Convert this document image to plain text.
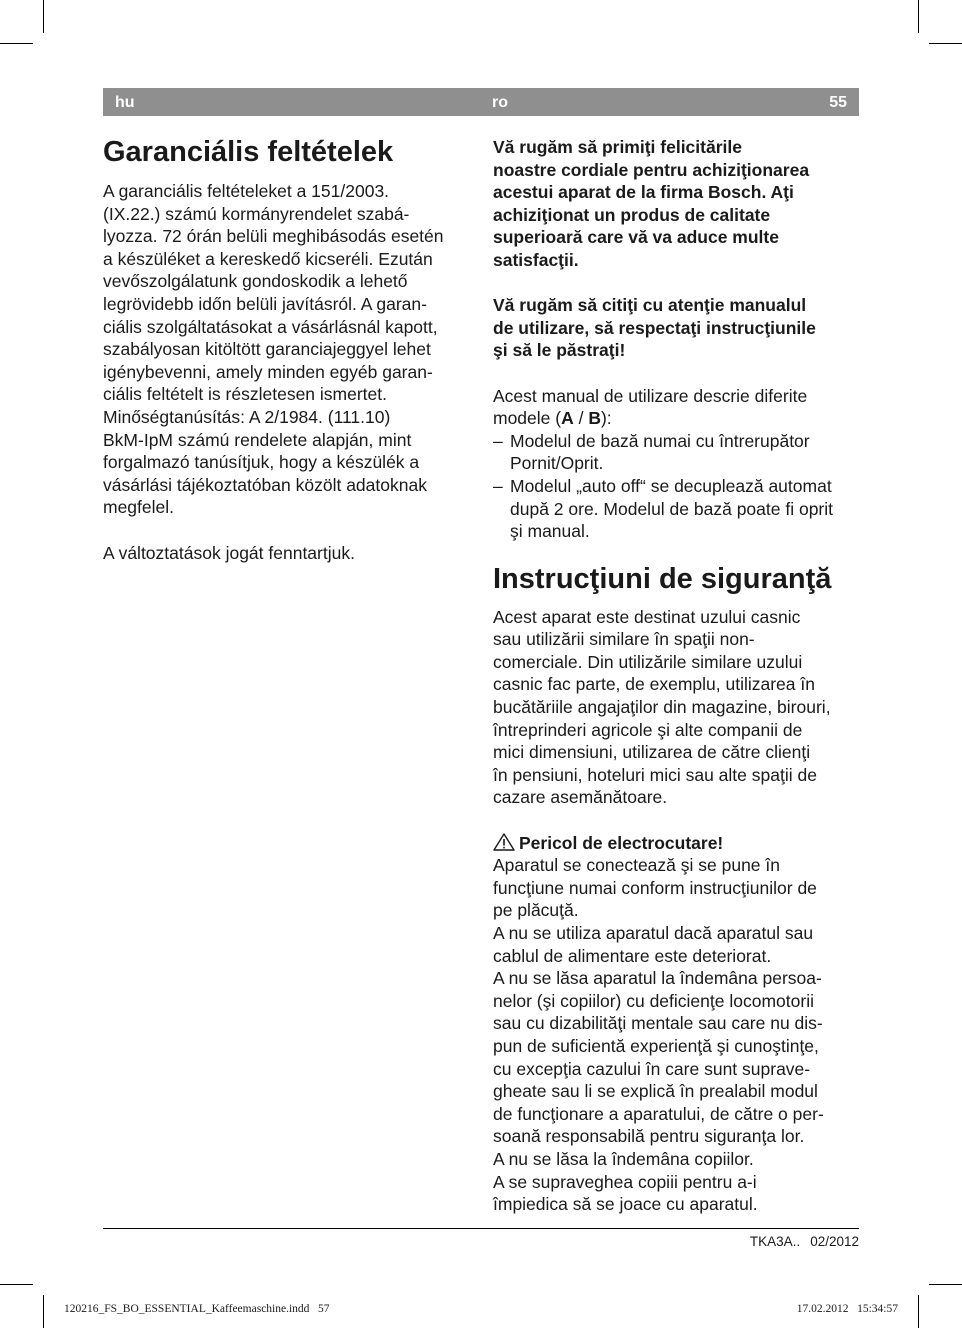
hu	ro	55
Garanciális feltételek
A garanciális feltételeket a 151/2003.
(IX.22.) számú kormányrendelet szabá-
lyozza. 72 órán belüli meghibásodás esetén
a készüléket a kereskedő kicseréli. Ezután
vevőszolgálatunk gondoskodik a lehető
legrövidebb időn belüli javításról. A garan-
ciális szolgáltatásokat a vásárlásnál kapott,
szabályosan kitöltött garanciajeggyel lehet
igénybevenni, amely minden egyéb garan-
ciális feltételt is részletesen ismertet.
Minőségtanúsítás: A 2/1984. (111.10)
BkM-IpM számú rendelete alapján, mint
forgalmazó tanúsítjuk, hogy a készülék a
vásárlási tájékoztatóban közölt adatoknak
megfelel.
A változtatások jogát fenntartjuk.
Vă rugăm să primiţi felicitările
noastre cordiale pentru achiziţionarea
acestui aparat de la firma Bosch. Aţi
achiziţionat un produs de calitate
superioară care vă va aduce multe
satisfacţii.
Vă rugăm să citiţi cu atenţie manualul
de utilizare, să respectaţi instrucţiunile
şi să le păstraţi!
Acest manual de utilizare descrie diferite
modele (A / B):
– Modelul de bază numai cu întrerupător
Pornit/Oprit.
– Modelul „auto off“ se decuplează automat
după 2 ore. Modelul de bază poate fi oprit
şi manual.
Instrucţiuni de siguranţă
Acest aparat este destinat uzului casnic
sau utilizării similare în spaţii non-
comerciale. Din utilizările similare uzului
casnic fac parte, de exemplu, utilizarea în
bucătăriile angajaţilor din magazine, birouri,
întreprinderi agricole şi alte companii de
mici dimensiuni, utilizarea de către clienţi
în pensiuni, hoteluri mici sau alte spaţii de
cazare asemănătoare.
Pericol de electrocutare!
Aparatul se conectează şi se pune în
funcţiune numai conform instrucţiunilor de
pe plăcuţă.
A nu se utiliza aparatul dacă aparatul sau
cablul de alimentare este deteriorat.
A nu se lăsa aparatul la îndemâna persoa-
nelor (şi copiilor) cu deficienţe locomotorii
sau cu dizabilităţi mentale sau care nu dis-
pun de suficientă experienţă şi cunoştinţe,
cu excepţia cazului în care sunt suprave-
gheate sau li se explică în prealabil modul
de funcţionare a aparatului, de către o per-
soană responsabilă pentru siguranţa lor.
A nu se lăsa la îndemâna copiilor.
A se supraveghea copiii pentru a-i
împiedica să se joace cu aparatul.
TKA3A.. 02/2012
120216_FS_BO_ESSENTIAL_Kaffeemaschine.indd   57	17.02.2012   15:34:57
